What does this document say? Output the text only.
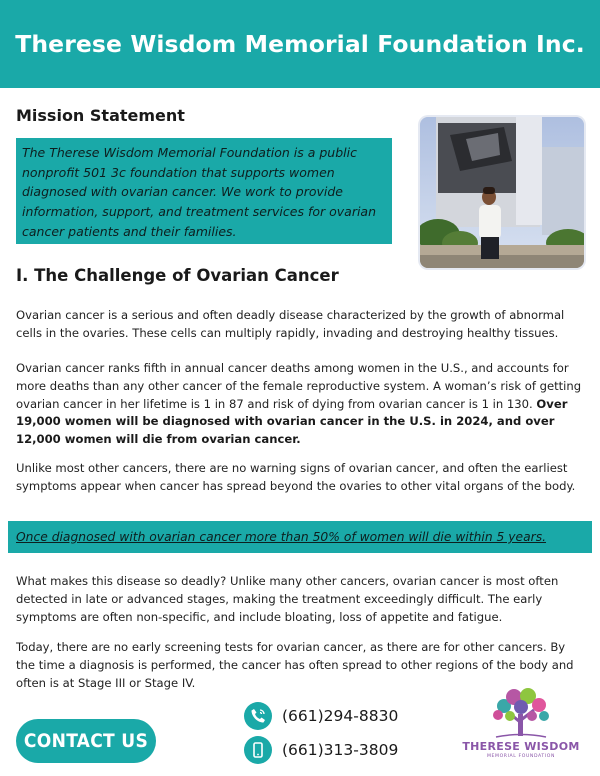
Therese Wisdom Memorial Foundation Inc.
Mission Statement

The Therese Wisdom Memorial Foundation is a public nonprofit 501 3c foundation that supports women diagnosed with ovarian cancer. We work to provide information, support, and treatment services for ovarian cancer patients and their families.

I. The Challenge of Ovarian Cancer

Ovarian cancer is a serious and often deadly disease characterized by the growth of abnormal cells in the ovaries. These cells can multiply rapidly, invading and destroying healthy tissues.

Ovarian cancer ranks fifth in annual cancer deaths among women in the U.S., and accounts for more deaths than any other cancer of the female reproductive system. A woman’s risk of getting ovarian cancer in her lifetime is 1 in 87 and risk of dying from ovarian cancer is 1 in 130. Over 19,000 women will be diagnosed with ovarian cancer in the U.S. in 2024, and over 12,000 women will die from ovarian cancer.

Unlike most other cancers, there are no warning signs of ovarian cancer, and often the earliest symptoms appear when cancer has spread beyond the ovaries to other vital organs of the body.

Once diagnosed with ovarian cancer more than 50% of women will die within 5 years.

What makes this disease so deadly? Unlike many other cancers, ovarian cancer is most often detected in late or advanced stages, making the treatment exceedingly difficult. The early symptoms are often non-specific, and include bloating, loss of appetite and fatigue.

Today, there are no early screening tests for ovarian cancer, as there are for other cancers. By the time a diagnosis is performed, the cancer has often spread to other regions of the body and often is at Stage III or Stage IV.

CONTACT US
(661)294-8830
(661)313-3809	THERESE WISDOM
MEMORIAL FOUNDATION
